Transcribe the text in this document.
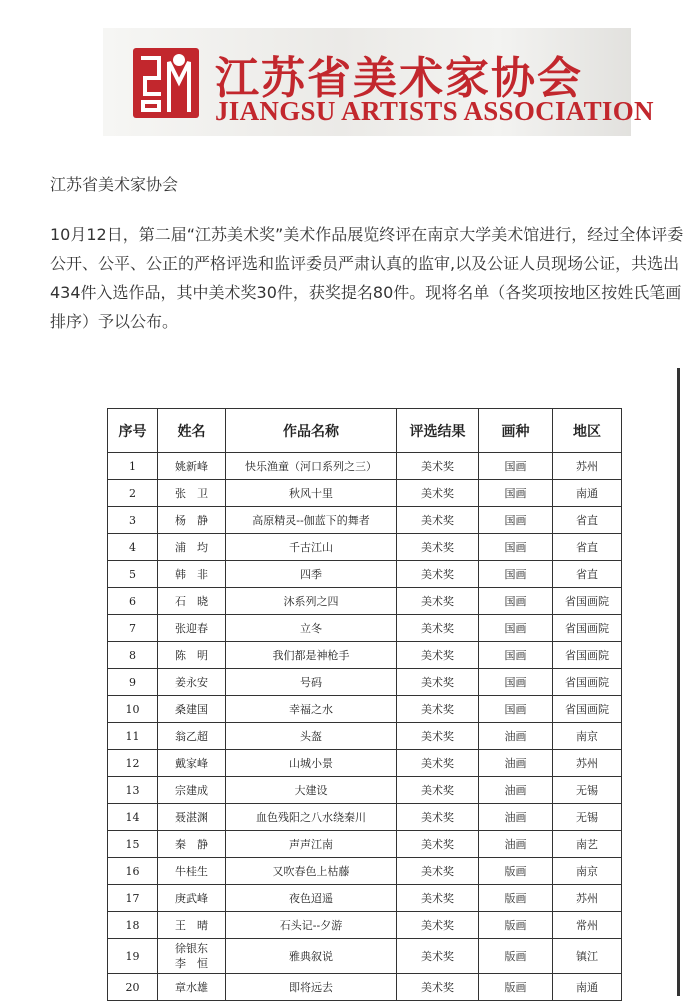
江苏省美术家协会
JIANGSU ARTISTS ASSOCIATION
江苏省美术家协会

10月12日，第二届“江苏美术奖”美术作品展览终评在南京大学美术馆进行，经过全体评委公开、公平、公正的严格评选和监评委员严肃认真的监审,以及公证人员现场公证，共选出434件入选作品，其中美术奖30件，获奖提名80件。现将名单（各奖项按地区按姓氏笔画排序）予以公布。

序号	姓名	作品名称	评选结果	画种	地区
1	姚新峰	快乐渔童（河口系列之三）	美术奖	国画	苏州
2	张　卫	秋风十里	美术奖	国画	南通
3	杨　静	高原精灵--伽蓝下的舞者	美术奖	国画	省直
4	浦　均	千古江山	美术奖	国画	省直
5	韩　非	四季	美术奖	国画	省直
6	石　晓	沐系列之四	美术奖	国画	省国画院
7	张迎春	立冬	美术奖	国画	省国画院
8	陈　明	我们都是神枪手	美术奖	国画	省国画院
9	姜永安	号码	美术奖	国画	省国画院
10	桑建国	幸福之水	美术奖	国画	省国画院
11	翁乙超	头盔	美术奖	油画	南京
12	戴家峰	山城小景	美术奖	油画	苏州
13	宗建成	大建设	美术奖	油画	无锡
14	聂湛渊	血色残阳之八水绕秦川	美术奖	油画	无锡
15	秦　静	声声江南	美术奖	油画	南艺
16	牛桂生	又吹春色上枯藤	美术奖	版画	南京
17	庚武峰	夜色迢遥	美术奖	版画	苏州
18	王　晴	石头记--夕游	美术奖	版画	常州
19	徐银东
李　恒	雅典叙说	美术奖	版画	镇江
20	章水雄	即将远去	美术奖	版画	南通
